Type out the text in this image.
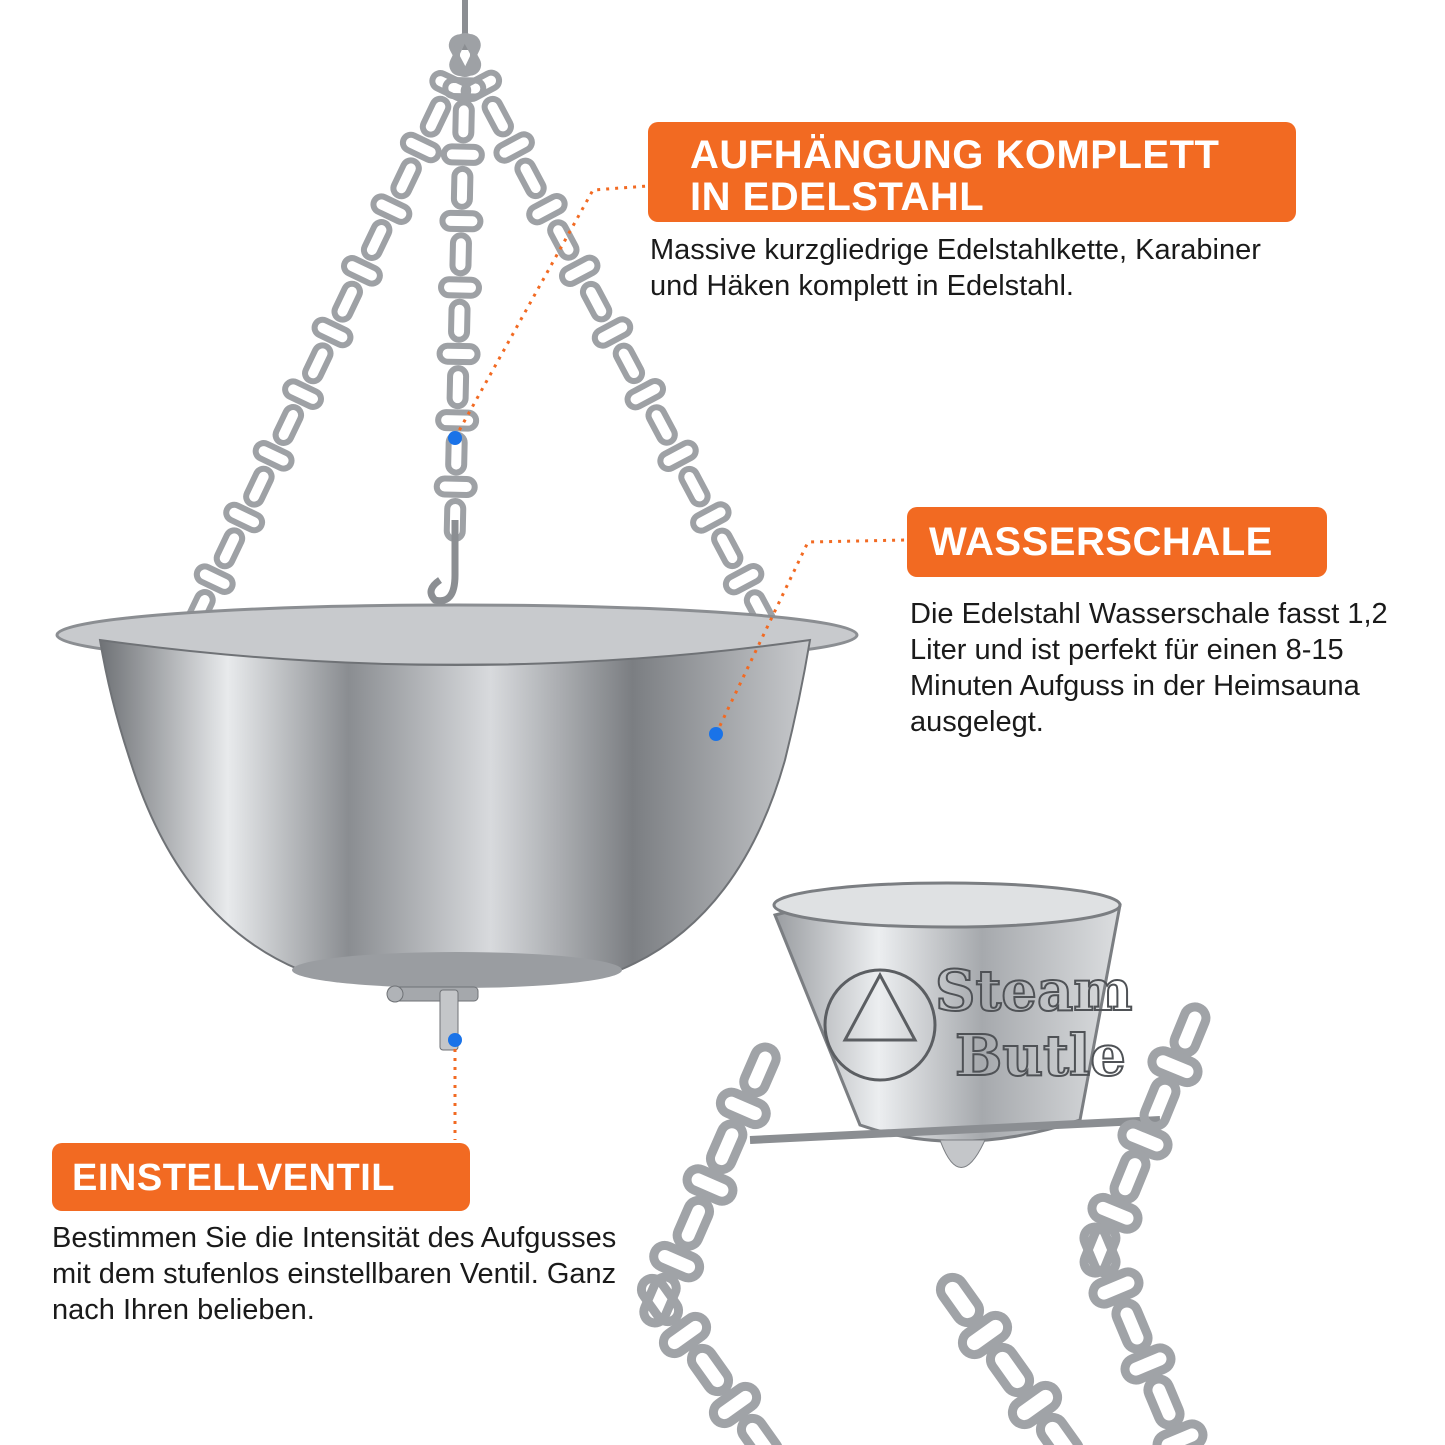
Steam
Butle
AUFHÄNGUNG KOMPLETT
IN EDELSTAHL
Massive kurzgliedrige Edelstahlkette, Karabiner
und Häken komplett in Edelstahl.
WASSERSCHALE
Die Edelstahl Wasserschale fasst 1,2
Liter und ist perfekt für einen 8-15
Minuten Aufguss in der Heimsauna
ausgelegt.
EINSTELLVENTIL
Bestimmen Sie die Intensität des Aufgusses
mit dem stufenlos einstellbaren Ventil. Ganz
nach Ihren belieben.
